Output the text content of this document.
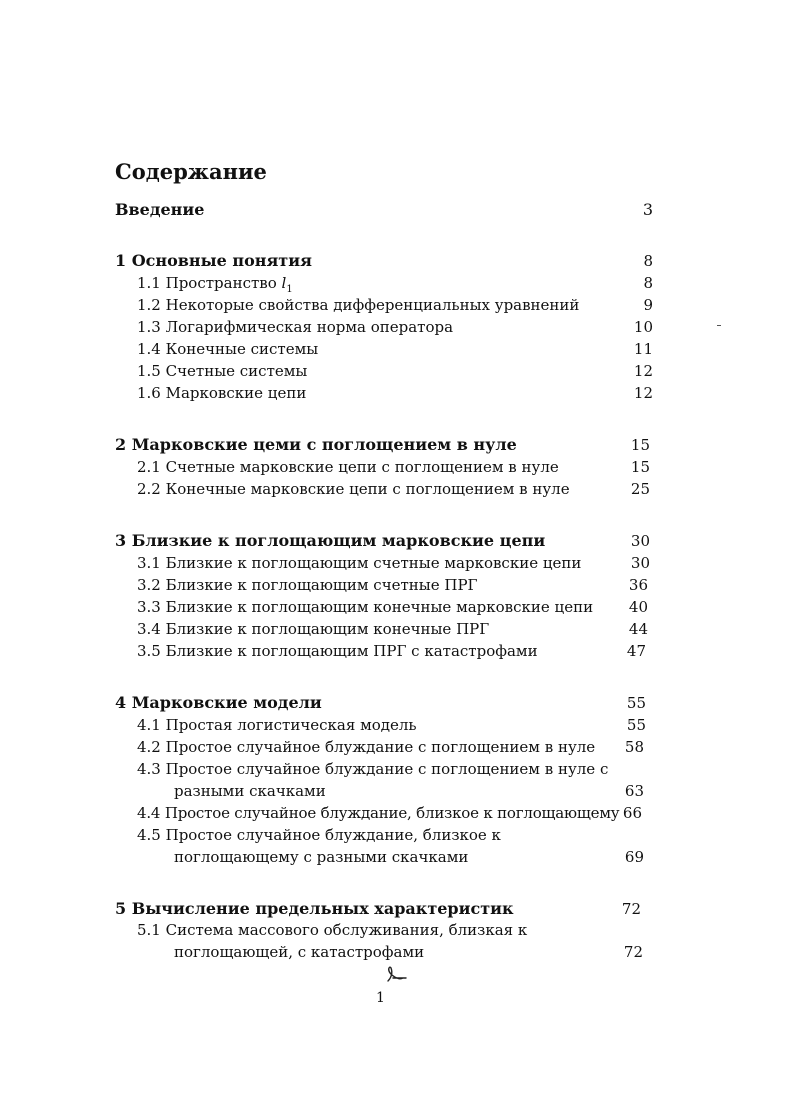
Содержание
Введение	3
1 Основные понятия	8
1.1 Пространство $l_1$	8
1.2 Некоторые свойства дифференциальных уравнений	9
1.3 Логарифмическая норма оператора	10
1.4 Конечные системы	11
1.5 Счетные системы	12
1.6 Марковские цепи	12
2 Марковские цеми с поглощением в нуле	15
2.1 Счетные марковские цепи с поглощением в нуле	15
2.2 Конечные марковские цепи с поглощением в нуле	25
3 Близкие к поглощающим марковские цепи	30
3.1 Близкие к поглощающим счетные марковские цепи	30
3.2 Близкие к поглощающим счетные ПРГ	36
3.3 Близкие к поглощающим конечные марковские цепи 40
3.4 Близкие к поглощающим конечные ПРГ	44
3.5 Близкие к поглощающим ПРГ с катастрофами	47
4 Марковские модели	55
4.1 Простая логистическая модель	55
4.2 Простое случайное блуждание с поглощением в нуле 58
4.3 Простое случайное блуждание с поглощением в нуле с
разными скачками	63
4.4 Простое случайное блуждание, близкое к поглощающему 66
4.5 Простое случайное блуждание, близкое к
поглощающему с разными скачками	69
5 Вычисление предельных характеристик	72
5.1 Система массового обслуживания, близкая к
поглощающей, с катастрофами	72
1
